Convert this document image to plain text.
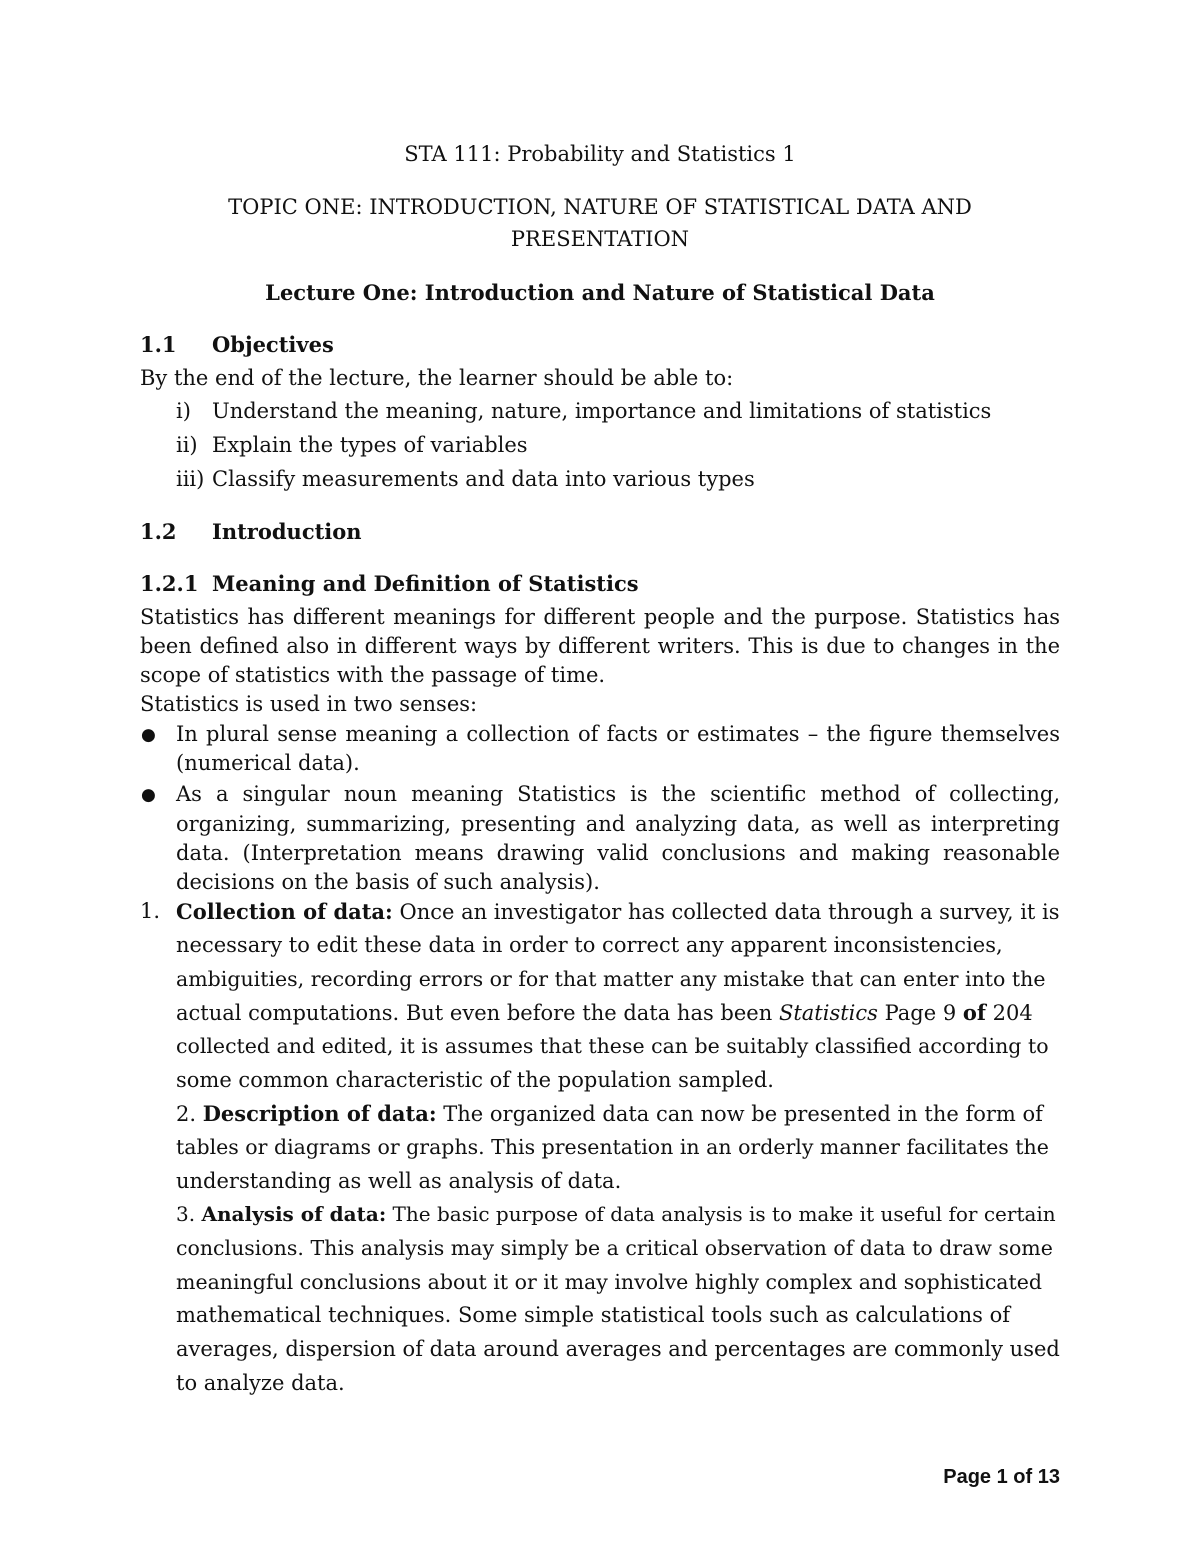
STA 111: Probability and Statistics 1
TOPIC ONE: INTRODUCTION, NATURE OF STATISTICAL DATA AND
PRESENTATION
Lecture One: Introduction and Nature of Statistical Data
1.1 Objectives
By the end of the lecture, the learner should be able to:
i) Understand the meaning, nature, importance and limitations of statistics
ii) Explain the types of variables
iii) Classify measurements and data into various types
1.2 Introduction
1.2.1 Meaning and Definition of Statistics
Statistics has different meanings for different people and the purpose. Statistics has
been defined also in different ways by different writers. This is due to changes in the
scope of statistics with the passage of time.
Statistics is used in two senses:
● In plural sense meaning a collection of facts or estimates – the figure themselves
(numerical data).
● As a singular noun meaning Statistics is the scientific method of collecting,
organizing, summarizing, presenting and analyzing data, as well as interpreting
data. (Interpretation means drawing valid conclusions and making reasonable
decisions on the basis of such analysis).
1. Collection of data: Once an investigator has collected data through a survey, it is
necessary to edit these data in order to correct any apparent inconsistencies,
ambiguities, recording errors or for that matter any mistake that can enter into the
actual computations. But even before the data has been Statistics Page 9 of 204
collected and edited, it is assumes that these can be suitably classified according to
some common characteristic of the population sampled.
2. Description of data: The organized data can now be presented in the form of
tables or diagrams or graphs. This presentation in an orderly manner facilitates the
understanding as well as analysis of data.
3. Analysis of data: The basic purpose of data analysis is to make it useful for certain
conclusions. This analysis may simply be a critical observation of data to draw some
meaningful conclusions about it or it may involve highly complex and sophisticated
mathematical techniques. Some simple statistical tools such as calculations of
averages, dispersion of data around averages and percentages are commonly used
to analyze data.
Page 1 of 13
